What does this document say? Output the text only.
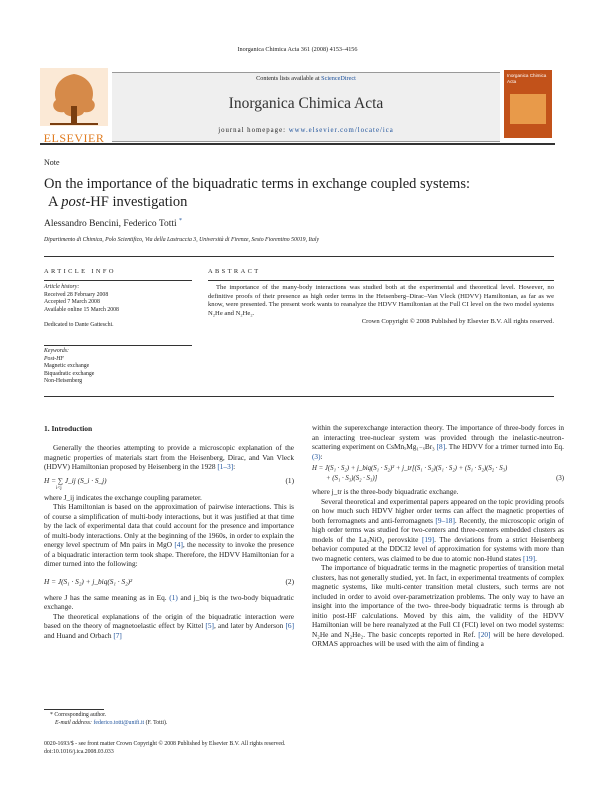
Inorganica Chimica Acta 361 (2008) 4153–4156
ELSEVIER
Contents lists available at ScienceDirect
Inorganica Chimica Acta
journal homepage: www.elsevier.com/locate/ica
Inorganica Chimica Acta
Note
On the importance of the biquadratic terms in exchange coupled systems:
A post-HF investigation
Alessandro Bencini, Federico Totti *
Dipartimento di Chimica, Polo Scientifico, Via della Lastruccia 3, Università di Firenze, Sesto Fiorentino 50019, Italy
ARTICLE INFO
Article history:
Received 28 February 2008
Accepted 7 March 2008
Available online 15 March 2008
Dedicated to Dante Gatteschi.
Keywords:
Post-HF
Magnetic exchange
Biquadratic exchange
Non-Heisenberg
ABSTRACT

The importance of the many-body interactions was studied both at the experimental and theoretical level. However, no definitive proofs of their presence as high order terms in the Heisenberg–Dirac–Van Vleck (HDVV) Hamiltonian, as far as we know, were presented. The present work wants to reanalyze the HDVV Hamiltonian at the Full CI level on the two model systems N₂He and N₂He₂.

Crown Copyright © 2008 Published by Elsevier B.V. All rights reserved.
1. Introduction

Generally the theories attempting to provide a microscopic explanation of the magnetic properties of materials start from the Heisenberg, Dirac, and Van Vleck (HDVV) Hamiltonian proposed by Heisenberg in the 1928 [1–3]:

H = ∑ J_ij (S_i · S_j)
i<j
(1)

where J_ij indicates the exchange coupling parameter.

This Hamiltonian is based on the approximation of pairwise interactions. This is of course a simplification of multi-body interactions, but it was justified at that time by the lack of experimental data that could account for the presence and importance of multi-body interactions. Only at the beginning of the 1960s, in order to explain the energy level spectrum of Mn pairs in MgO [4], the necessity to invoke the presence of a biquadratic interaction term took shape. Therefore, the HDVV Hamiltonian for a dimer turned into the following:

H = J(S₁ · S₂) + j_biq(S₁ · S₂)²	(2)

where J has the same meaning as in Eq. (1) and j_biq is the two-body biquadratic exchange.

The theoretical explanations of the origin of the biquadratic interaction were based on the theory of magnetoelastic effect by Kittel [5], and later by Anderson [6] and Huand and Orbach [7]

within the superexchange interaction theory. The importance of three-body forces in an interacting tree-nuclear system was provided through the inelastic-neutron-scattering experiment on CsMnₓMg₁₋ₓBr₃ [8]. The HDVV for a trimer turned into Eq. (3):

H = J(S₁ · S₂) + j_biq(S₁ · S₂)² + j_tr[(S₁ · S₂)(S₁ · S₂) + (S₁ · S₂)(S₂ · S₃)
+ (S₁ · S₃)(S₂ · S₃)]	(3)

where j_tr is the three-body biquadratic exchange.

Several theoretical and experimental papers appeared on the topic providing proofs on how much such HDVV higher order terms can affect the magnetic properties of both ferromagnets and anti-ferromagnets [9–18]. Recently, the microscopic origin of high order terms was studied for two-centers and three-centers embedded clusters as models of the La₂NiO₄ perovskite [19]. The deviations from a strict Heisenberg behavior computed at the DDCI2 level of approximation for systems with more than two magnetic centers, was claimed to be due to atomic non-Hund states [19].

The importance of biquadratic terms in the magnetic properties of transition metal clusters, has not generally studied, yet. In fact, in experimental treatments of complex magnetic systems, like multi-center transition metal clusters, such terms are not included in order to avoid over-parametrization problems. The only way to have an insight into the importance of the two- three-body biquadratic terms is through ab initio post-HF calculations. Moved by this aim, the validity of the HDVV Hamiltonian will be here reanalyzed at the Full CI (FCI) level on two model systems: N₂He and N₂He₂. The basic concepts reported in Ref. [20] will be here developed. ORMAS approaches will be used with the aim of finding a

* Corresponding author.
E-mail address: federico.totti@unifi.it (F. Totti).
0020-1693/$ - see front matter Crown Copyright © 2008 Published by Elsevier B.V. All rights reserved.
doi:10.1016/j.ica.2008.03.033
